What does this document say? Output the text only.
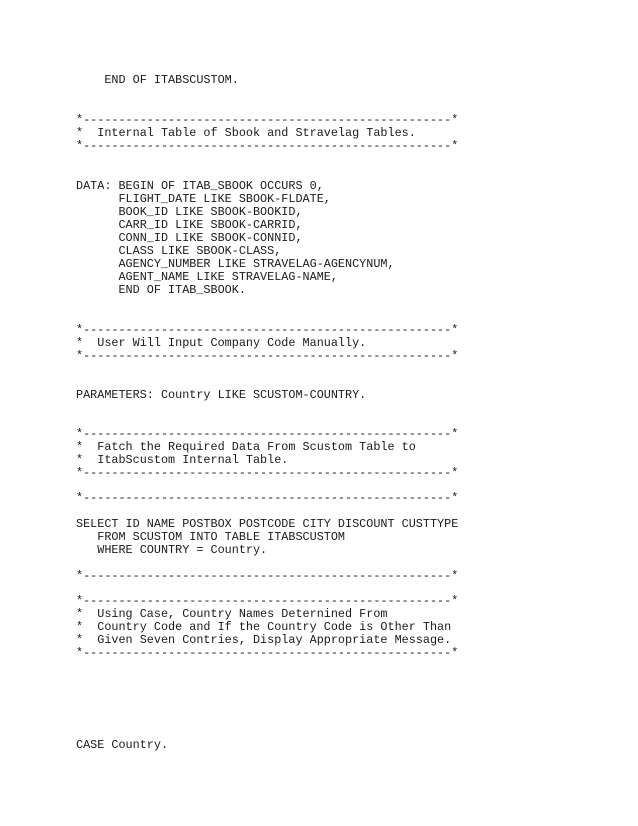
END OF ITABSCUSTOM.
*----------------------------------------------------*
*  Internal Table of Sbook and Stravelag Tables.
*----------------------------------------------------*
DATA: BEGIN OF ITAB_SBOOK OCCURS 0,
FLIGHT_DATE LIKE SBOOK-FLDATE,
BOOK_ID LIKE SBOOK-BOOKID,
CARR_ID LIKE SBOOK-CARRID,
CONN_ID LIKE SBOOK-CONNID,
CLASS LIKE SBOOK-CLASS,
AGENCY_NUMBER LIKE STRAVELAG-AGENCYNUM,
AGENT_NAME LIKE STRAVELAG-NAME,
END OF ITAB_SBOOK.
*----------------------------------------------------*
*  User Will Input Company Code Manually.
*----------------------------------------------------*
PARAMETERS: Country LIKE SCUSTOM-COUNTRY.
*----------------------------------------------------*
*  Fatch the Required Data From Scustom Table to
*  ItabScustom Internal Table.
*----------------------------------------------------*
*----------------------------------------------------*
SELECT ID NAME POSTBOX POSTCODE CITY DISCOUNT CUSTTYPE
FROM SCUSTOM INTO TABLE ITABSCUSTOM
WHERE COUNTRY = Country.
*----------------------------------------------------*
*----------------------------------------------------*
*  Using Case, Country Names Deternined From
*  Country Code and If the Country Code is Other Than
*  Given Seven Contries, Display Appropriate Message.
*----------------------------------------------------*
CASE Country.
